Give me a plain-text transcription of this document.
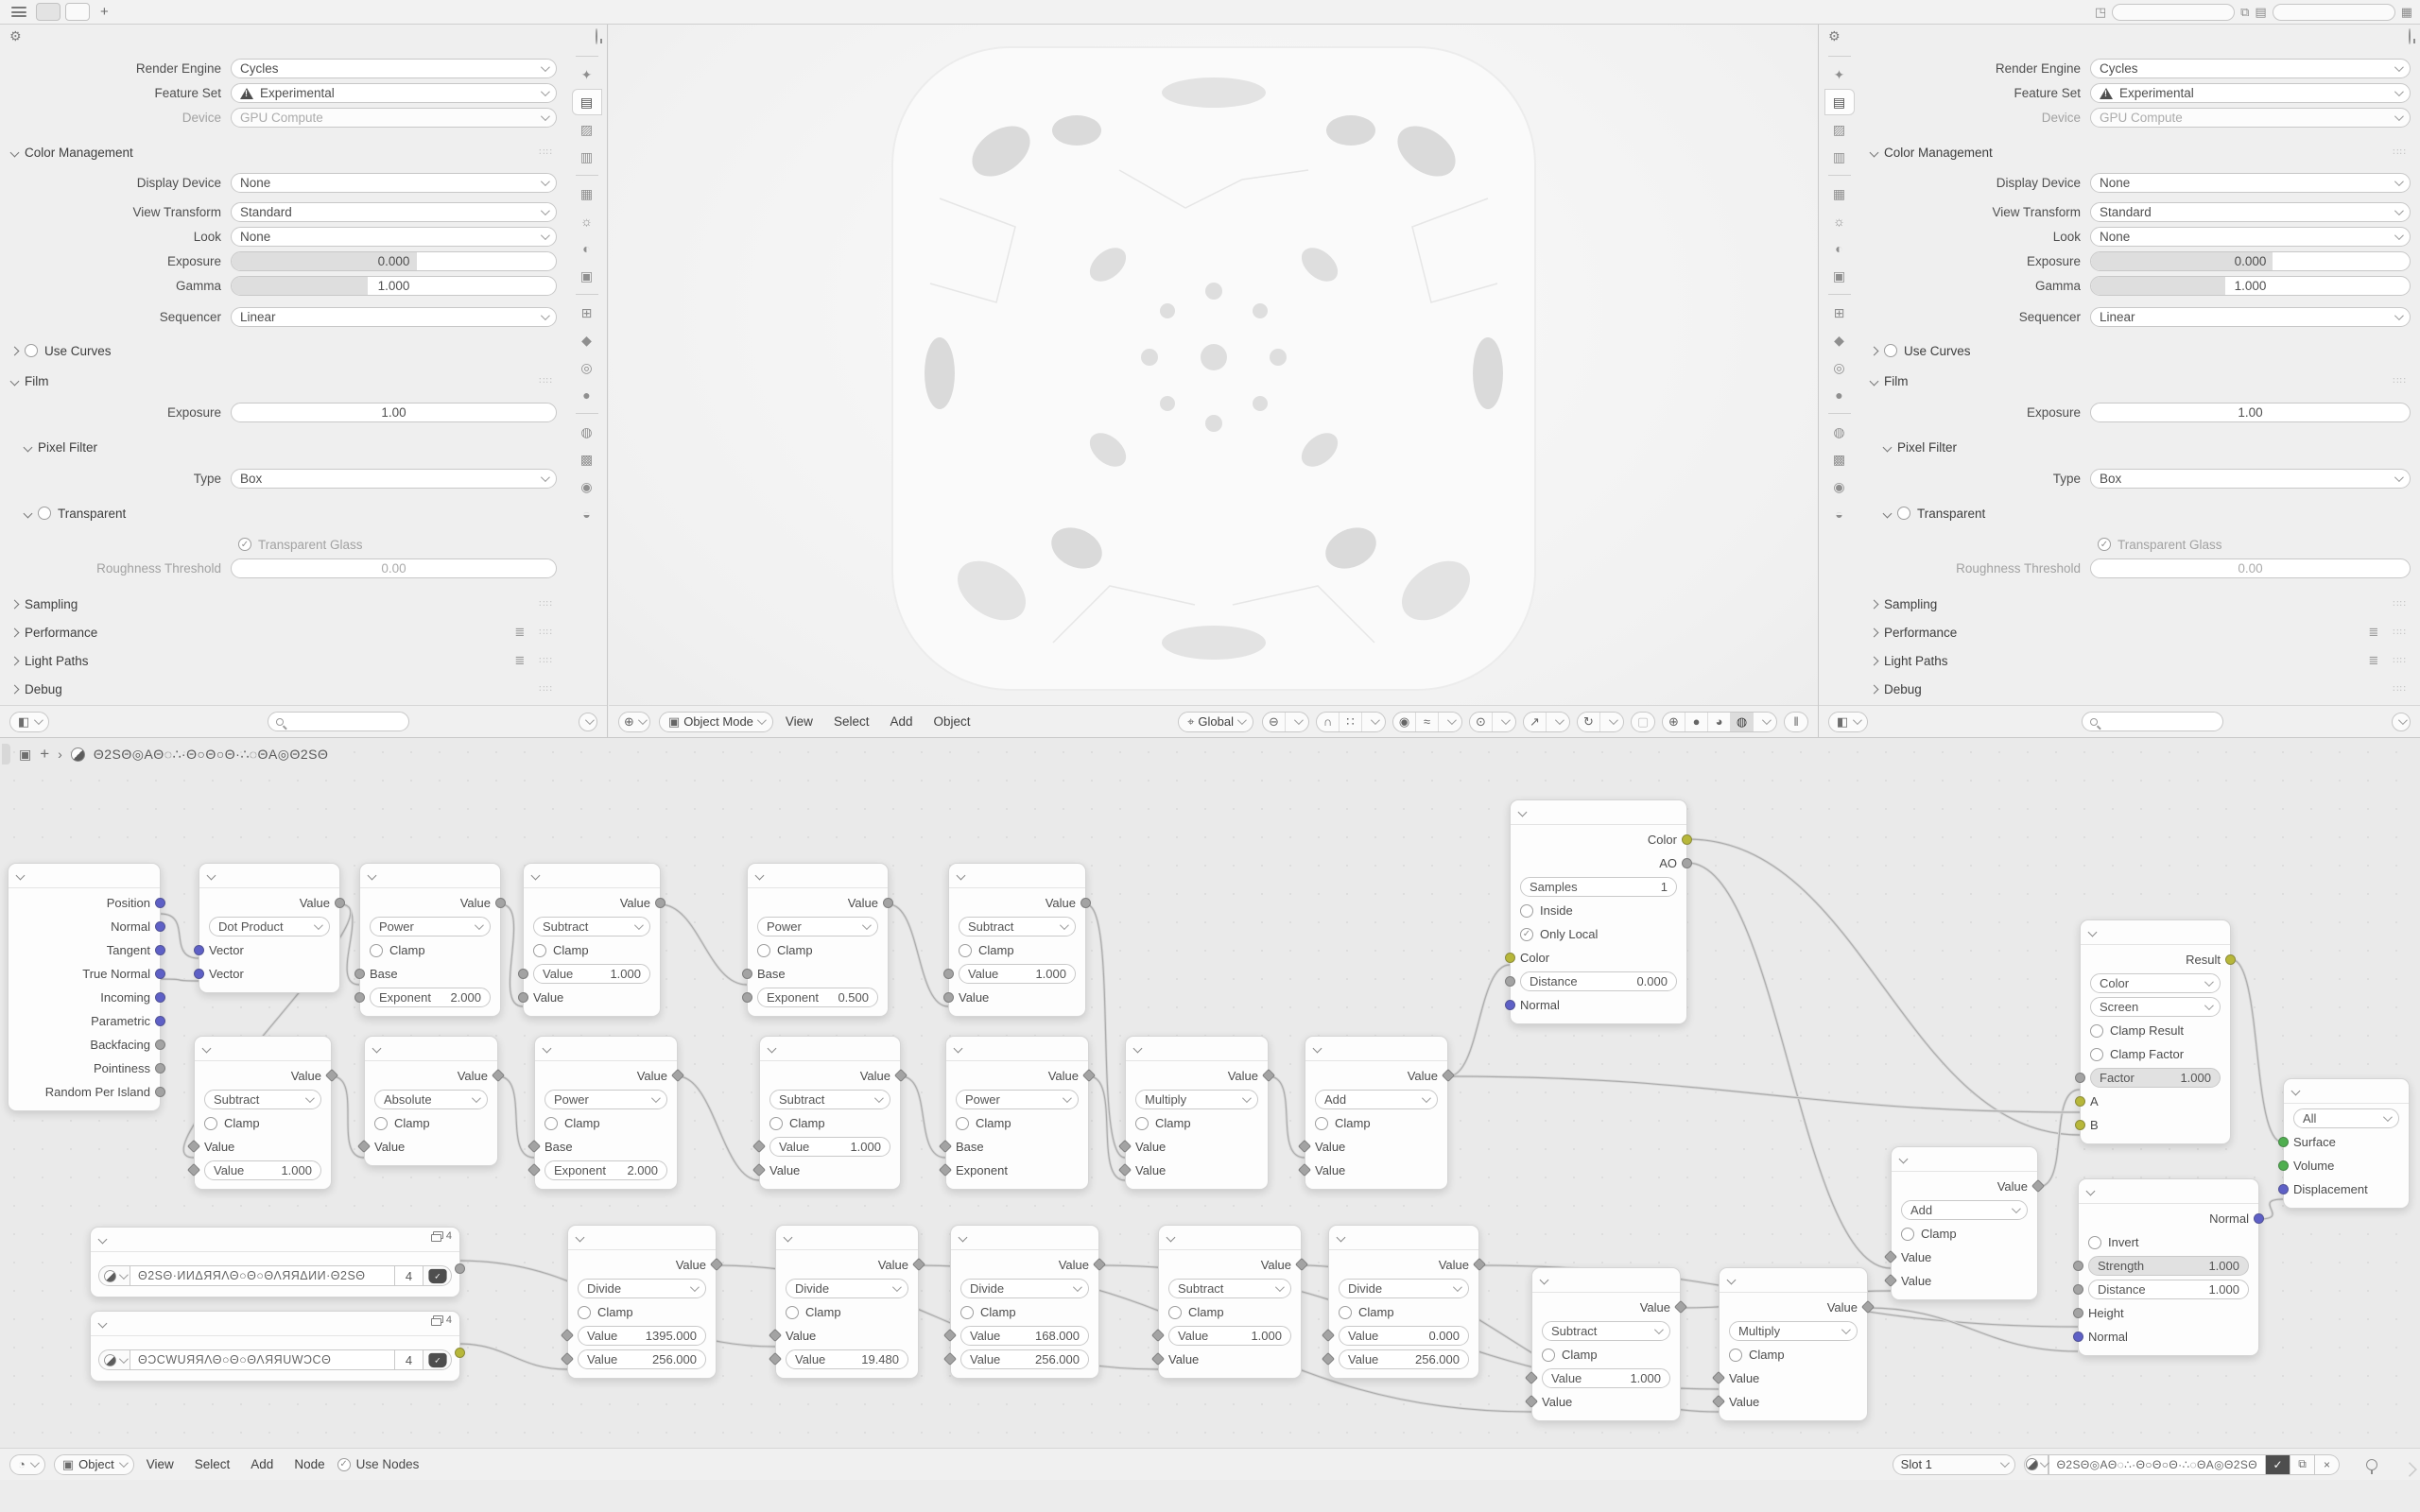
+	◳	⧉ ▤	▦
⚙
Render Engine	Cycles
Feature Set !	Experimental
Device	GPU Compute
Color Management	∷∷
Display Device	None
View Transform	Standard
Look	None
Exposure	0.000
Gamma	1.000
Sequencer	Linear
Use Curves
Film	∷∷
Exposure	1.00
Pixel Filter
Type	Box
Transparent
✓
Transparent Glass
Roughness Threshold	0.00
Sampling	∷∷
Performance	≣ ∷∷
Light Paths	≣ ∷∷
Debug	∷∷
✦
▤
▨
▥
▦
☼
◐
▣
⊞
◆
◎
●
◍
▩
◉
◒
◧	⊕	▣ Object Mode	View Select Add Object	⌖ Global	⊖	∩	∷	◉	≈	⊙	↗	↻	▢	⊕	●	◕	◍	‖
⚙
Render Engine	Cycles
Feature Set !	Experimental
Device	GPU Compute
Color Management	∷∷
Display Device	None
View Transform	Standard
Look	None
Exposure	0.000
Gamma	1.000
Sequencer	Linear
Use Curves
Film	∷∷
Exposure	1.00
Pixel Filter
Type	Box
Transparent
✓
Transparent Glass
Roughness Threshold	0.00
Sampling	∷∷
Performance	≣ ∷∷
Light Paths	≣ ∷∷
Debug	∷∷
✦
▤
▨
▥
▦
☼
◐
▣
⊞
◆
◎
●
◍
▩
◉
◒
◧
Position
Normal
Tangent
True Normal
Incoming
Parametric
Backfacing
Pointiness
Random Per Island
Value
Dot Product
Vector
Vector
Value
Power
Clamp
Base
Exponent	2.000
Value
Subtract
Clamp
Value	1.000
Value
Value
Power
Clamp
Base
Exponent	0.500
Value
Subtract
Clamp
Value	1.000
Value
Value
Subtract
Clamp
Value
Value	1.000
Value
Absolute
Clamp
Value
Value
Power
Clamp
Base
Exponent	2.000
Value
Subtract
Clamp
Value	1.000
Value
Value
Power
Clamp
Base
Exponent
Value
Multiply
Clamp
Value
Value
Value
Add
Clamp
Value
Value
4
Θ2SΘ·ИИΔЯЯΛΘ○Θ○ΘΛЯЯΔИИ·Θ2SΘ	4	✓
4
ΘƆCWUЯЯΛΘ○Θ○ΘΛЯЯUWƆCΘ	4	✓
Value
Divide
Clamp
Value	1395.000
Value	256.000
Value
Divide
Clamp
Value
Value	19.480
Value
Divide
Clamp
Value	168.000
Value	256.000
Value
Subtract
Clamp
Value	1.000
Value
Value
Divide
Clamp
Value	0.000
Value	256.000
Value
Subtract
Clamp
Value	1.000
Value
Value
Multiply
Clamp
Value
Value
Value
Add
Clamp
Value
Value
Color
AO
Samples	1
Inside
✓
Only Local
Color
Distance	0.000
Normal
Result
Color
Screen
Clamp Result
Clamp Factor
Factor	1.000
A
B
Normal
Invert
Strength	1.000
Distance	1.000
Height
Normal
All
Surface
Volume
Displacement
▣ + › Θ2SΘ◎AΘ◌∴·Θ○Θ○Θ·∴◌ΘA◎Θ2SΘ
◔	▣ Object	View Select Add Node ✓ Use Nodes	Slot 1	Θ2SΘ◎AΘ◌∴·Θ○Θ○Θ·∴◌ΘA◎Θ2SΘ	✓	⧉	×
